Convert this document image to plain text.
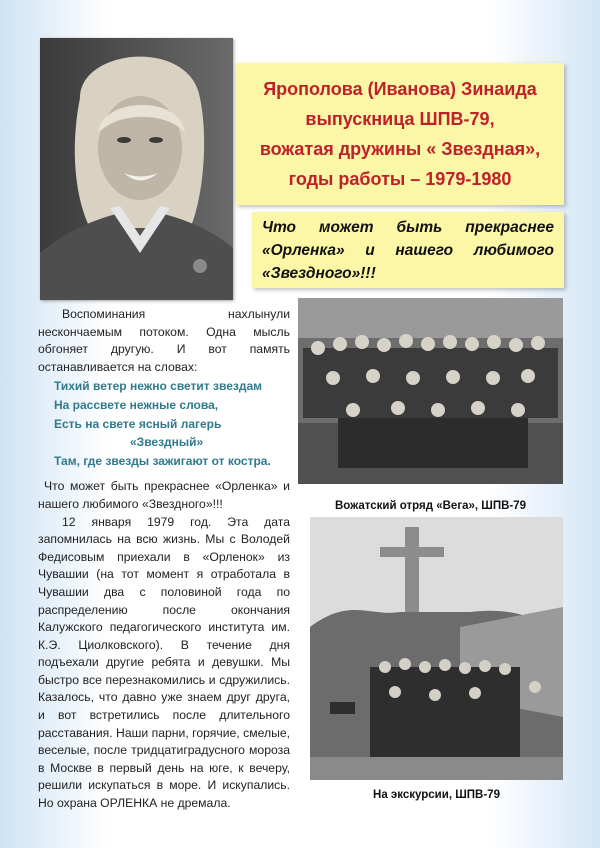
Ярополова (Иванова) Зинаида
выпускница ШПВ-79,
вожатая дружины « Звездная»,
годы работы – 1979-1980
Что может быть прекраснее
«Орленка» и нашего любимого
«Звездного»!!!

Воспоминания нахлынули нескончаемым потоком. Одна мысль обгоняет другую. И вот память останавливается на словах:

Тихий ветер нежно светит звездам
На рассвете нежные слова,
Есть на свете ясный лагерь
«Звездный»
Там, где звезды зажигают от костра.

Что может быть прекраснее «Орленка» и нашего любимого «Звездного»!!!

12 января 1979 год. Эта дата запомнилась на всю жизнь. Мы с Володей Федисовым приехали в «Орленок» из Чувашии (на тот момент я отработала в Чувашии два с половиной года по распределению после окончания Калужского педагогического института им. К.Э. Циолковского). В течение дня подъехали другие ребята и девушки. Мы быстро все перезнакомились и сдружились. Казалось, что давно уже знаем друг друга, и вот встретились после длительного расставания. Наши парни, горячие, смелые, веселые, после тридцатиградусного мороза в Москве в первый день на юге, к вечеру, решили искупаться в море. И искупались. Но охрана ОРЛЕНКА не дремала.

Вожатский отряд «Вега», ШПВ-79
На экскурсии, ШПВ-79
